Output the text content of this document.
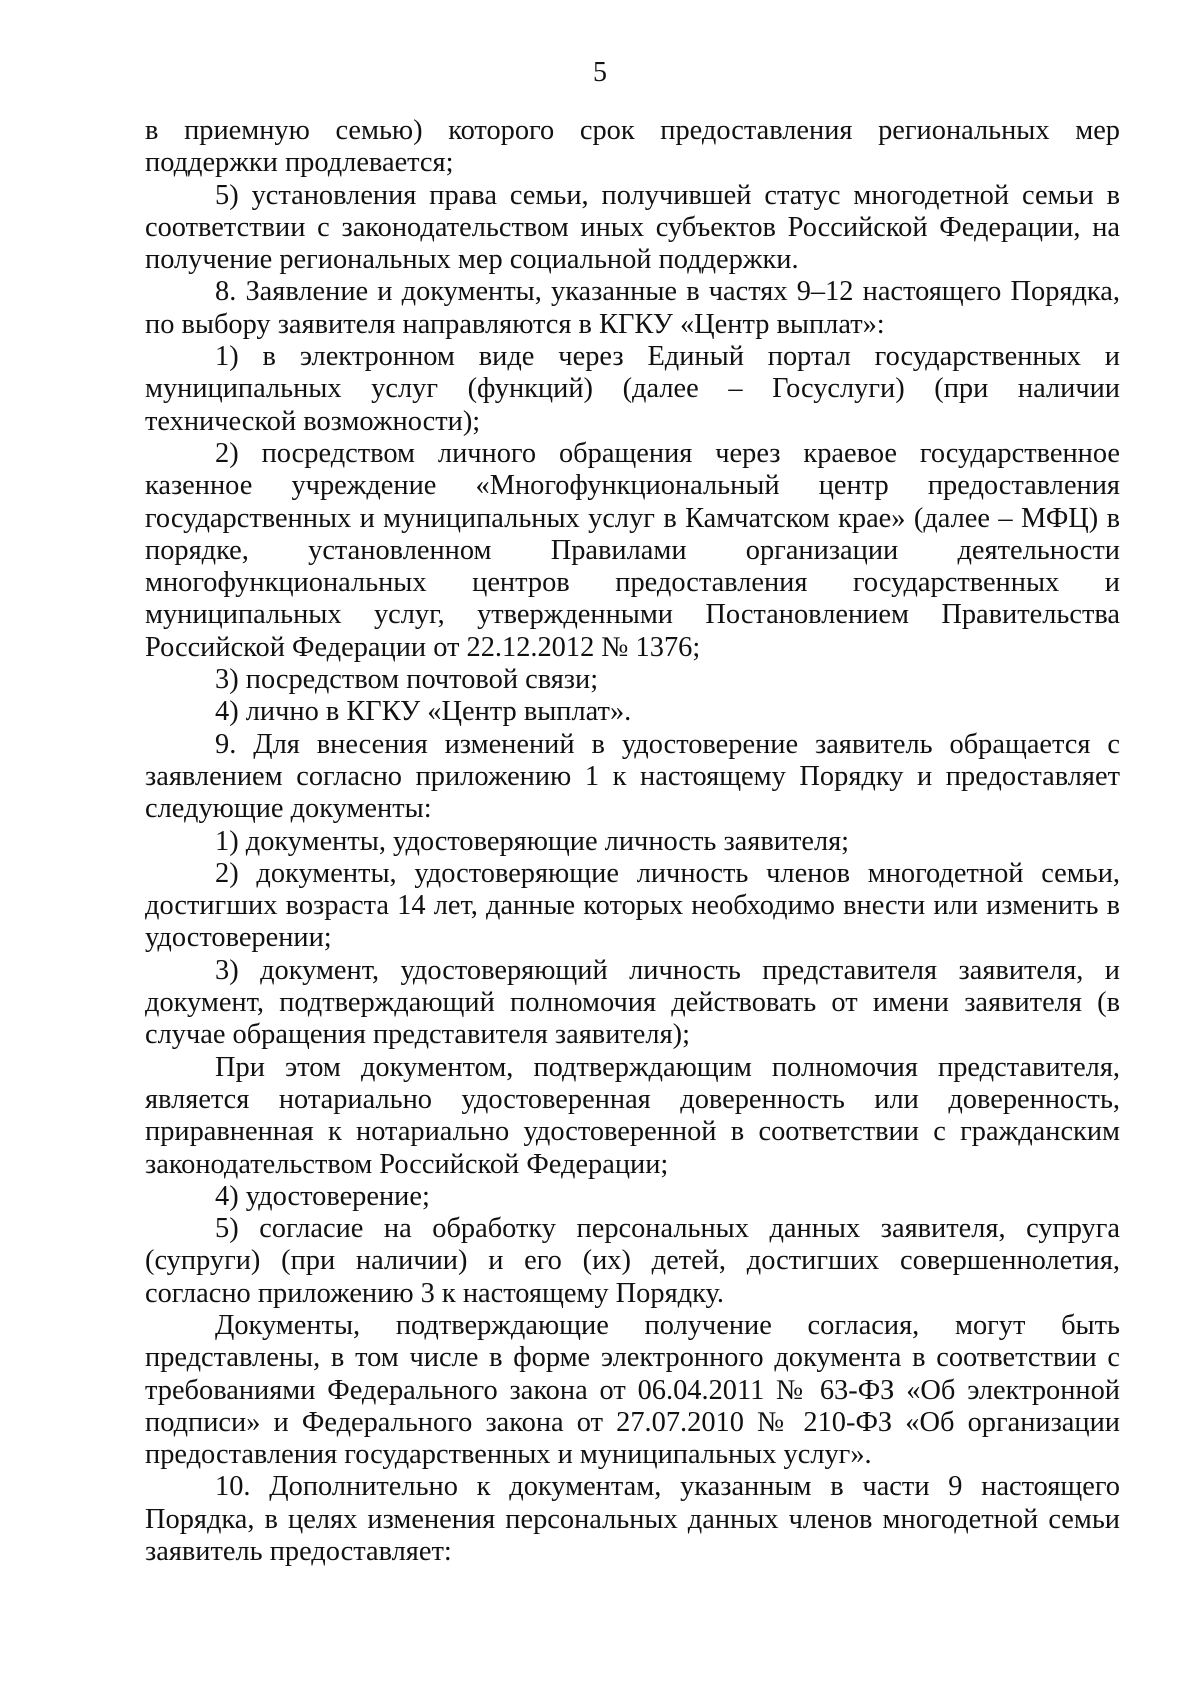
5

в приемную семью) которого срок предоставления региональных мер поддержки продлевается;

5) установления права семьи, получившей статус многодетной семьи в соответствии с законодательством иных субъектов Российской Федерации, на получение региональных мер социальной поддержки.

8. Заявление и документы, указанные в частях 9–12 настоящего Порядка, по выбору заявителя направляются в КГКУ «Центр выплат»:

1) в электронном виде через Единый портал государственных и муниципальных услуг (функций) (далее – Госуслуги) (при наличии технической возможности);

2) посредством личного обращения через краевое государственное казенное учреждение «Многофункциональный центр предоставления государственных и муниципальных услуг в Камчатском крае» (далее – МФЦ) в порядке, установленном Правилами организации деятельности многофункциональных центров предоставления государственных и муниципальных услуг, утвержденными Постановлением Правительства Российской Федерации от 22.12.2012 № 1376;

3) посредством почтовой связи;

4) лично в КГКУ «Центр выплат».

9. Для внесения изменений в удостоверение заявитель обращается с заявлением согласно приложению 1 к настоящему Порядку и предоставляет следующие документы:

1) документы, удостоверяющие личность заявителя;

2) документы, удостоверяющие личность членов многодетной семьи, достигших возраста 14 лет, данные которых необходимо внести или изменить в удостоверении;

3) документ, удостоверяющий личность представителя заявителя, и документ, подтверждающий полномочия действовать от имени заявителя (в случае обращения представителя заявителя);

При этом документом, подтверждающим полномочия представителя, является нотариально удостоверенная доверенность или доверенность, приравненная к нотариально удостоверенной в соответствии с гражданским законодательством Российской Федерации;

4) удостоверение;

5) согласие на обработку персональных данных заявителя, супруга (супруги) (при наличии) и его (их) детей, достигших совершеннолетия, согласно приложению 3 к настоящему Порядку.

Документы, подтверждающие получение согласия, могут быть представлены, в том числе в форме электронного документа в соответствии с требованиями Федерального закона от 06.04.2011 № 63-ФЗ «Об электронной подписи» и Федерального закона от 27.07.2010 № 210-ФЗ «Об организации предоставления государственных и муниципальных услуг».

10. Дополнительно к документам, указанным в части 9 настоящего Порядка, в целях изменения персональных данных членов многодетной семьи заявитель предоставляет:
